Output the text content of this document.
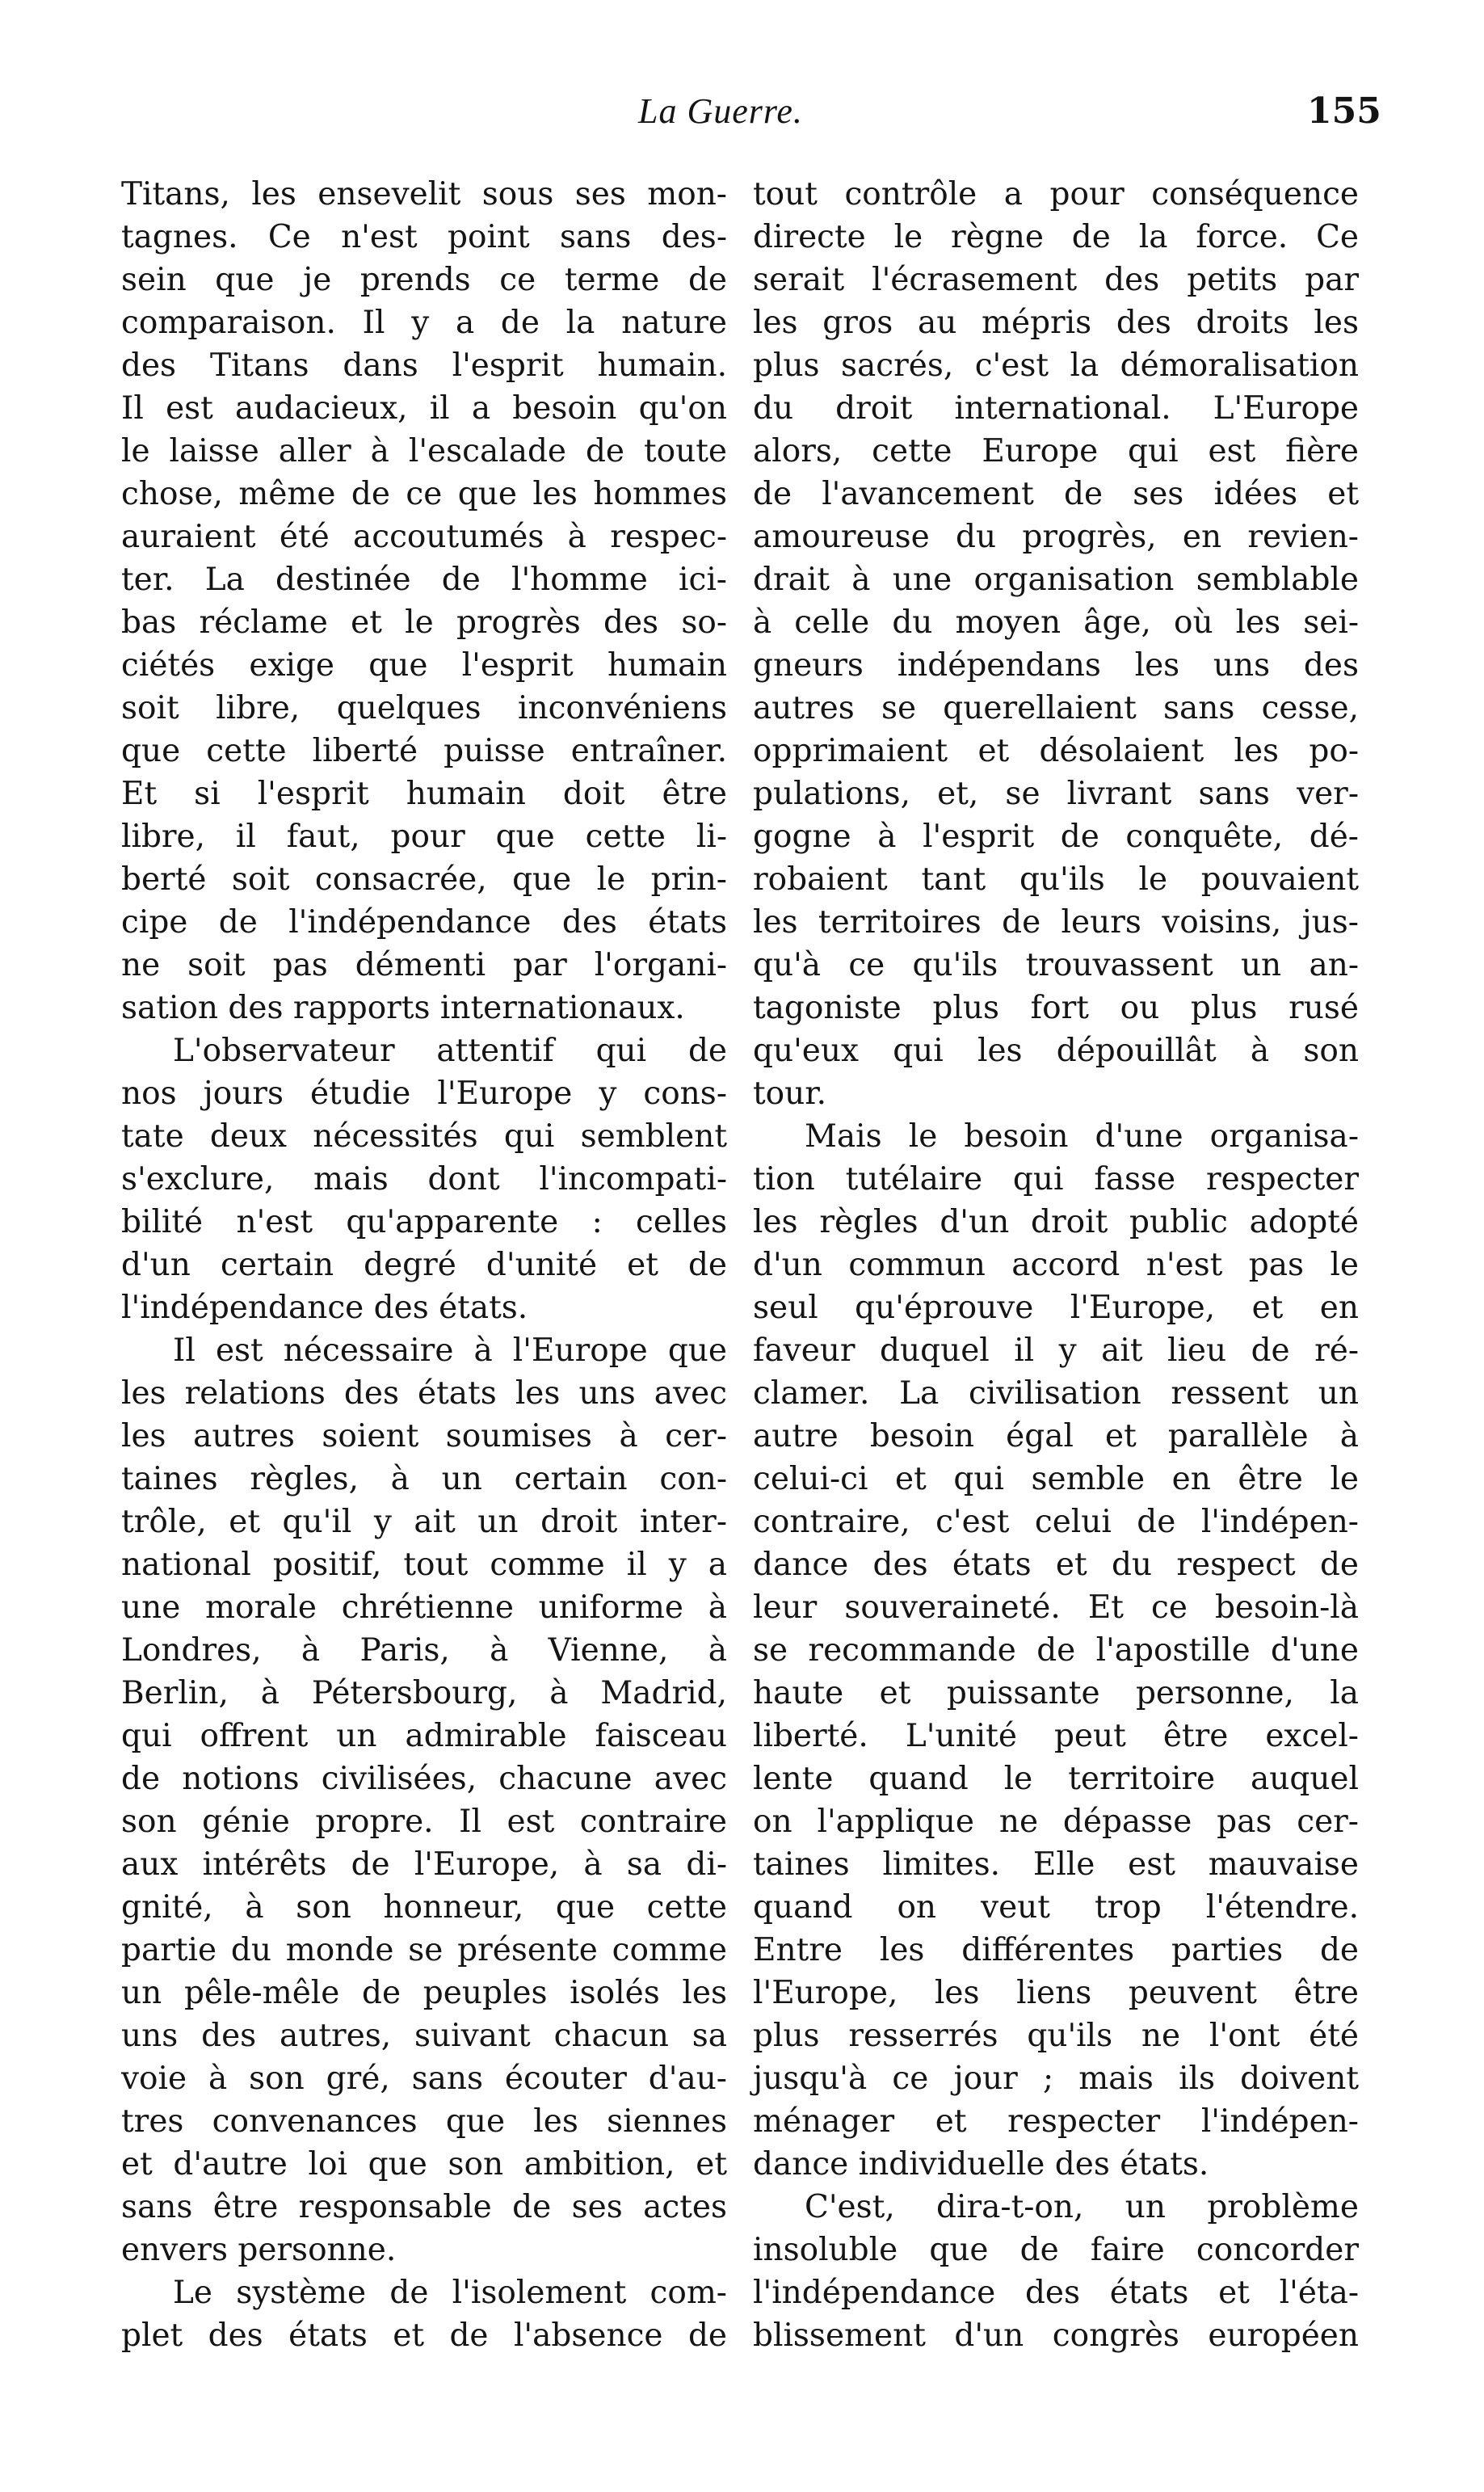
La Guerre.	155
Titans, les ensevelit sous ses mon-
tagnes. Ce n'est point sans des-
sein que je prends ce terme de
comparaison. Il y a de la nature
des Titans dans l'esprit humain.
Il est audacieux, il a besoin qu'on
le laisse aller à l'escalade de toute
chose, même de ce que les hommes
auraient été accoutumés à respec-
ter. La destinée de l'homme ici-
bas réclame et le progrès des so-
ciétés exige que l'esprit humain
soit libre, quelques inconvéniens
que cette liberté puisse entraîner.
Et si l'esprit humain doit être
libre, il faut, pour que cette li-
berté soit consacrée, que le prin-
cipe de l'indépendance des états
ne soit pas démenti par l'organi-
sation des rapports internationaux.
L'observateur attentif qui de
nos jours étudie l'Europe y cons-
tate deux nécessités qui semblent
s'exclure, mais dont l'incompati-
bilité n'est qu'apparente : celles
d'un certain degré d'unité et de
l'indépendance des états.
Il est nécessaire à l'Europe que
les relations des états les uns avec
les autres soient soumises à cer-
taines règles, à un certain con-
trôle, et qu'il y ait un droit inter-
national positif, tout comme il y a
une morale chrétienne uniforme à
Londres, à Paris, à Vienne, à
Berlin, à Pétersbourg, à Madrid,
qui offrent un admirable faisceau
de notions civilisées, chacune avec
son génie propre. Il est contraire
aux intérêts de l'Europe, à sa di-
gnité, à son honneur, que cette
partie du monde se présente comme
un pêle-mêle de peuples isolés les
uns des autres, suivant chacun sa
voie à son gré, sans écouter d'au-
tres convenances que les siennes
et d'autre loi que son ambition, et
sans être responsable de ses actes
envers personne.
Le système de l'isolement com-
plet des états et de l'absence de
tout contrôle a pour conséquence
directe le règne de la force. Ce
serait l'écrasement des petits par
les gros au mépris des droits les
plus sacrés, c'est la démoralisation
du droit international. L'Europe
alors, cette Europe qui est fière
de l'avancement de ses idées et
amoureuse du progrès, en revien-
drait à une organisation semblable
à celle du moyen âge, où les sei-
gneurs indépendans les uns des
autres se querellaient sans cesse,
opprimaient et désolaient les po-
pulations, et, se livrant sans ver-
gogne à l'esprit de conquête, dé-
robaient tant qu'ils le pouvaient
les territoires de leurs voisins, jus-
qu'à ce qu'ils trouvassent un an-
tagoniste plus fort ou plus rusé
qu'eux qui les dépouillât à son
tour.
Mais le besoin d'une organisa-
tion tutélaire qui fasse respecter
les règles d'un droit public adopté
d'un commun accord n'est pas le
seul qu'éprouve l'Europe, et en
faveur duquel il y ait lieu de ré-
clamer. La civilisation ressent un
autre besoin égal et parallèle à
celui-ci et qui semble en être le
contraire, c'est celui de l'indépen-
dance des états et du respect de
leur souveraineté. Et ce besoin-là
se recommande de l'apostille d'une
haute et puissante personne, la
liberté. L'unité peut être excel-
lente quand le territoire auquel
on l'applique ne dépasse pas cer-
taines limites. Elle est mauvaise
quand on veut trop l'étendre.
Entre les différentes parties de
l'Europe, les liens peuvent être
plus resserrés qu'ils ne l'ont été
jusqu'à ce jour ; mais ils doivent
ménager et respecter l'indépen-
dance individuelle des états.
C'est, dira-t-on, un problème
insoluble que de faire concorder
l'indépendance des états et l'éta-
blissement d'un congrès européen
